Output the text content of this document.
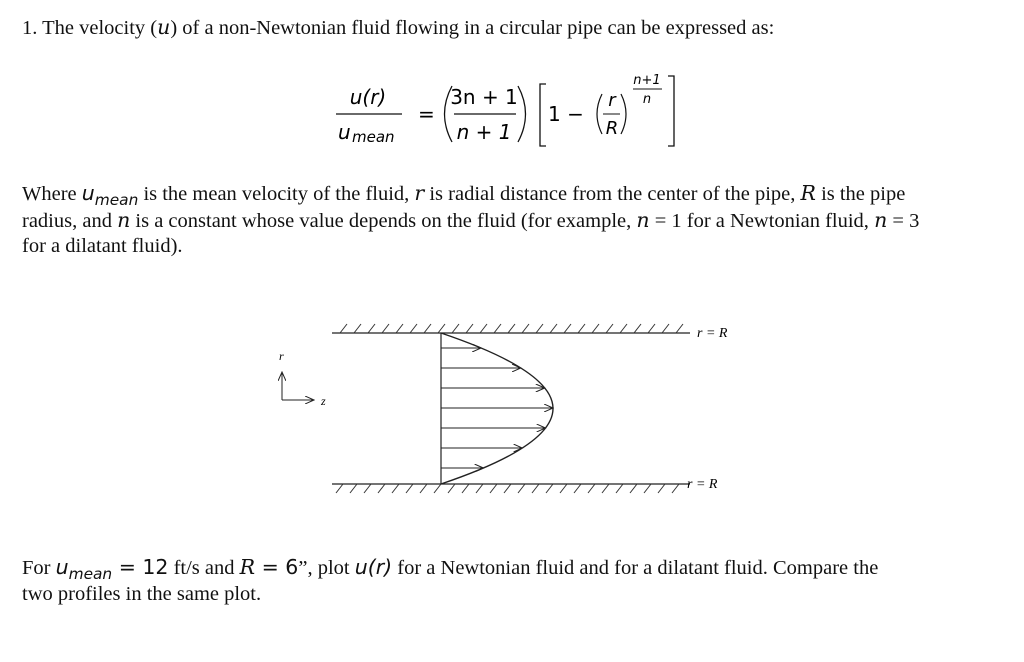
1. The velocity (u) of a non-Newtonian fluid flowing in a circular pipe can be expressed as:
u(r)
u mean
=
3n + 1
n + 1
1 −
r
R
n+1
n
Where $u_{mean}$ is the mean velocity of the fluid, r is radial distance from the center of the pipe, R is the pipe
radius, and n is a constant whose value depends on the fluid (for example, n = 1 for a Newtonian fluid, n = 3
for a dilatant fluid).
r = R
r = R
r
z
For $u_{mean} = 12$ ft/s and R = 6”, plot u(r) for a Newtonian fluid and for a dilatant fluid. Compare the
two profiles in the same plot.
